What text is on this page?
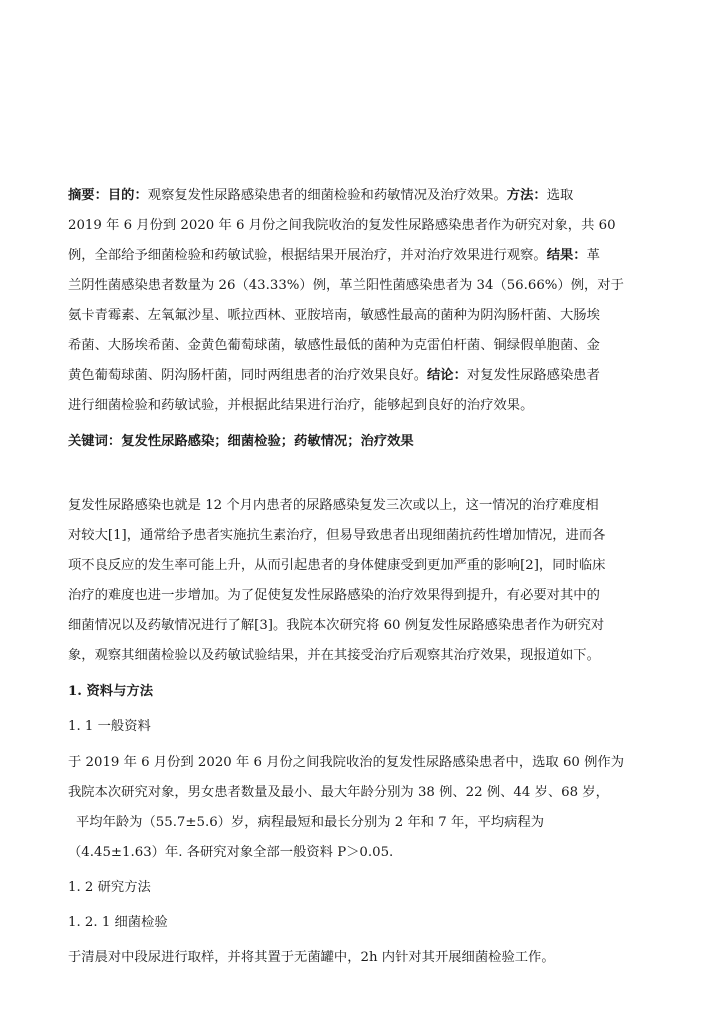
摘要：目的：观察复发性尿路感染患者的细菌检验和药敏情况及治疗效果。方法：选取
2019 年 6 月份到 2020 年 6 月份之间我院收治的复发性尿路感染患者作为研究对象，共 60
例，全部给予细菌检验和药敏试验，根据结果开展治疗，并对治疗效果进行观察。结果：革
兰阴性菌感染患者数量为 26（43.33%）例，革兰阳性菌感染患者为 34（56.66%）例，对于
氨卡青霉素、左氧氟沙星、哌拉西林、亚胺培南，敏感性最高的菌种为阴沟肠杆菌、大肠埃
希菌、大肠埃希菌、金黄色葡萄球菌，敏感性最低的菌种为克雷伯杆菌、铜绿假单胞菌、金
黄色葡萄球菌、阴沟肠杆菌，同时两组患者的治疗效果良好。结论：对复发性尿路感染患者
进行细菌检验和药敏试验，并根据此结果进行治疗，能够起到良好的治疗效果。
关键词：复发性尿路感染；细菌检验；药敏情况；治疗效果
复发性尿路感染也就是 12 个月内患者的尿路感染复发三次或以上，这一情况的治疗难度相
对较大[1]，通常给予患者实施抗生素治疗，但易导致患者出现细菌抗药性增加情况，进而各
项不良反应的发生率可能上升，从而引起患者的身体健康受到更加严重的影响[2]，同时临床
治疗的难度也进一步增加。为了促使复发性尿路感染的治疗效果得到提升，有必要对其中的
细菌情况以及药敏情况进行了解[3]。我院本次研究将 60 例复发性尿路感染患者作为研究对
象，观察其细菌检验以及药敏试验结果，并在其接受治疗后观察其治疗效果，现报道如下。
1. 资料与方法
1. 1 一般资料
于 2019 年 6 月份到 2020 年 6 月份之间我院收治的复发性尿路感染患者中，选取 60 例作为
我院本次研究对象，男女患者数量及最小、最大年龄分别为 38 例、22 例、44 岁、68 岁，
平均年龄为（55.7±5.6）岁，病程最短和最长分别为 2 年和 7 年，平均病程为
（4.45±1.63）年. 各研究对象全部一般资料 P＞0.05.
1. 2 研究方法
1. 2. 1 细菌检验
于清晨对中段尿进行取样，并将其置于无菌罐中，2h 内针对其开展细菌检验工作。
